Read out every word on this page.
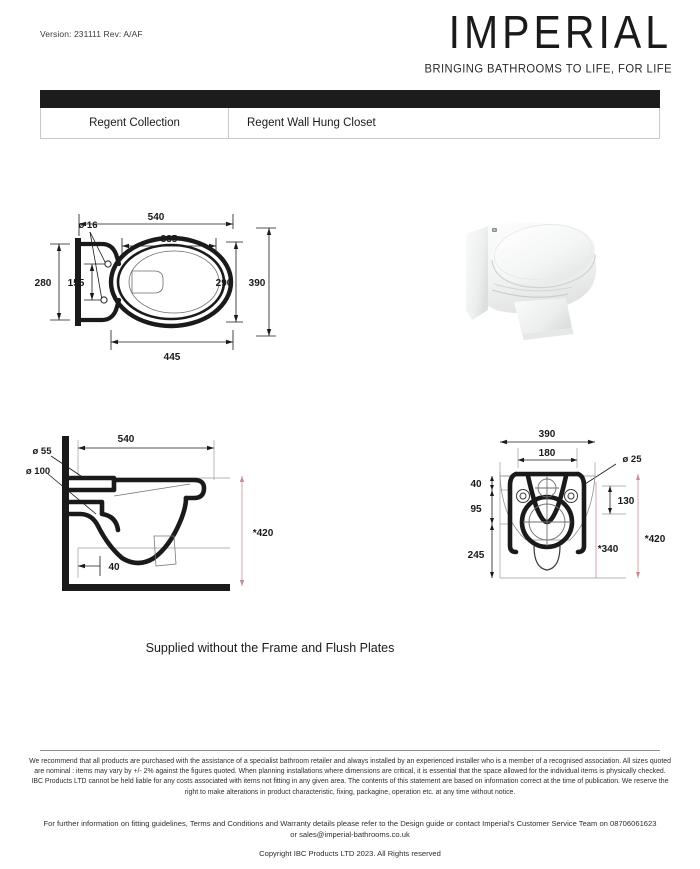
Version: 231111 Rev: A/AF	IMPERIAL
BRINGING BATHROOMS TO LIFE, FOR LIFE
Regent Collection	Regent Wall Hung Closet
540
335
445
290 390
280 155
ø 16
540
ø 55
ø 100
40
*420
390
180
40
95
245
130
ø 25
*420
*340
Supplied without the Frame and Flush Plates
We recommend that all products are purchased with the assistance of a specialist bathroom retailer and always installed by an experienced installer who is a member of a recognised association. All sizes quoted are nominal : items may vary by +/- 2% against the figures quoted. When planning installations where dimensions are critical, it is essential that the space allowed for the individual items is physically checked. IBC Products LTD cannot be held liable for any costs associated with items not fitting in any given area. The contents of this statement are based on information correct at the time of publication. We reserve the right to make alterations in product characteristic, fixing, packagine, operation etc. at any time without notice.
For further information on fitting guidelines, Terms and Conditions and Warranty details please refer to the Design guide or contact Imperial's Customer Service Team on 08706061623 or sales@imperial-bathrooms.co.uk
Copyright IBC Products LTD 2023. All Rights reserved
